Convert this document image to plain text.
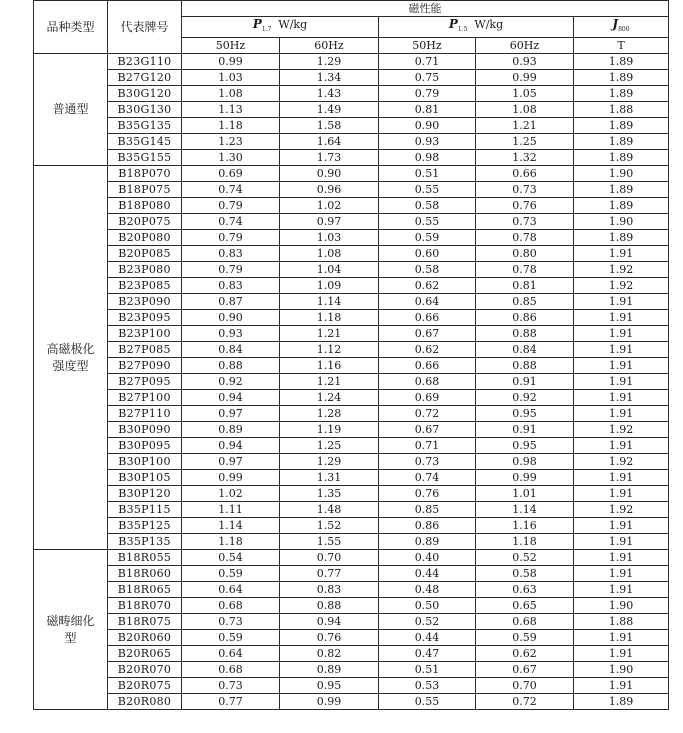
品种类型	代表牌号	磁性能				
		$P_{1.7}$ W/kg		$P_{1.5}$ W/kg		$J_{800}$
		50Hz	60Hz	50Hz	60Hz	T
普通型	B23G110	0.99	1.29	0.71	0.93	1.89
	B27G120	1.03	1.34	0.75	0.99	1.89
	B30G120	1.08	1.43	0.79	1.05	1.89
	B30G130	1.13	1.49	0.81	1.08	1.88
	B35G135	1.18	1.58	0.90	1.21	1.89
	B35G145	1.23	1.64	0.93	1.25	1.89
	B35G155	1.30	1.73	0.98	1.32	1.89
高磁极化强度型	B18P070	0.69	0.90	0.51	0.66	1.90
	B18P075	0.74	0.96	0.55	0.73	1.89
	B18P080	0.79	1.02	0.58	0.76	1.89
	B20P075	0.74	0.97	0.55	0.73	1.90
	B20P080	0.79	1.03	0.59	0.78	1.89
	B20P085	0.83	1.08	0.60	0.80	1.91
	B23P080	0.79	1.04	0.58	0.78	1.92
	B23P085	0.83	1.09	0.62	0.81	1.92
	B23P090	0.87	1.14	0.64	0.85	1.91
	B23P095	0.90	1.18	0.66	0.86	1.91
	B23P100	0.93	1.21	0.67	0.88	1.91
	B27P085	0.84	1.12	0.62	0.84	1.91
	B27P090	0.88	1.16	0.66	0.88	1.91
	B27P095	0.92	1.21	0.68	0.91	1.91
	B27P100	0.94	1.24	0.69	0.92	1.91
	B27P110	0.97	1.28	0.72	0.95	1.91
	B30P090	0.89	1.19	0.67	0.91	1.92
	B30P095	0.94	1.25	0.71	0.95	1.91
	B30P100	0.97	1.29	0.73	0.98	1.92
	B30P105	0.99	1.31	0.74	0.99	1.91
	B30P120	1.02	1.35	0.76	1.01	1.91
	B35P115	1.11	1.48	0.85	1.14	1.92
	B35P125	1.14	1.52	0.86	1.16	1.91
	B35P135	1.18	1.55	0.89	1.18	1.91
磁畴细化型	B18R055	0.54	0.70	0.40	0.52	1.91
	B18R060	0.59	0.77	0.44	0.58	1.91
	B18R065	0.64	0.83	0.48	0.63	1.91
	B18R070	0.68	0.88	0.50	0.65	1.90
	B18R075	0.73	0.94	0.52	0.68	1.88
	B20R060	0.59	0.76	0.44	0.59	1.91
	B20R065	0.64	0.82	0.47	0.62	1.91
	B20R070	0.68	0.89	0.51	0.67	1.90
	B20R075	0.73	0.95	0.53	0.70	1.91
	B20R080	0.77	0.99	0.55	0.72	1.89
